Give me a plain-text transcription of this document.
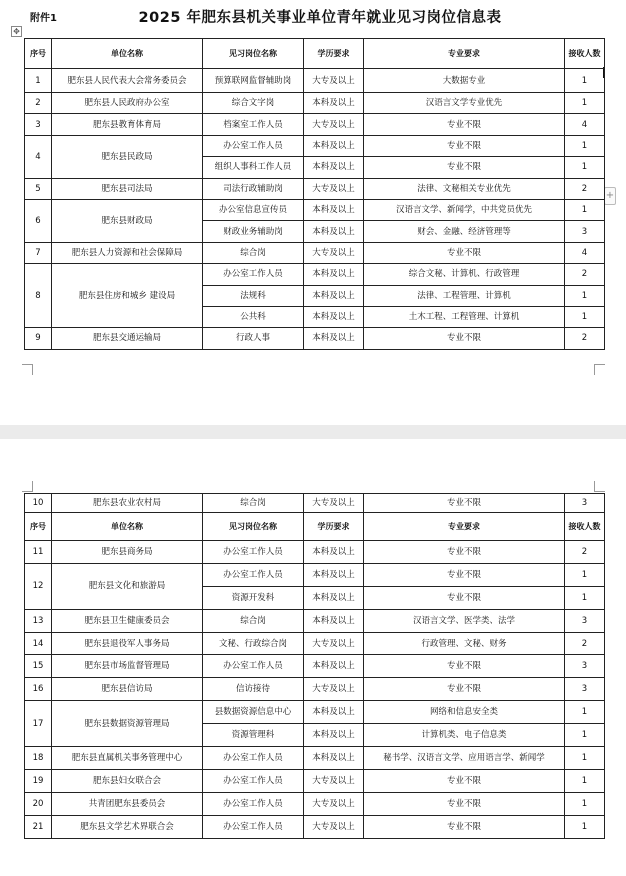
附件1	2025 年肥东县机关事业单位青年就业见习岗位信息表
✥
+
序号	单位名称	见习岗位名称	学历要求	专业要求	接收人数
1	肥东县人民代表大会常务委员会	预算联网监督辅助岗	大专及以上	大数据专业	1
2	肥东县人民政府办公室	综合文字岗	本科及以上	汉语言文学专业优先	1
3	肥东县教育体育局	档案室工作人员	大专及以上	专业不限	4
4	肥东县民政局	办公室工作人员	本科及以上	专业不限	1
		组织人事科工作人员	本科及以上	专业不限	1
5	肥东县司法局	司法行政辅助岗	大专及以上	法律、文秘相关专业优先	2
6	肥东县财政局	办公室信息宣传员	本科及以上	汉语言文学、新闻学，中共党员优先	1
		财政业务辅助岗	本科及以上	财会、金融、经济管理等	3
7	肥东县人力资源和社会保障局	综合岗	大专及以上	专业不限	4
8	肥东县住房和城乡 建设局	办公室工作人员	本科及以上	综合文秘、计算机、行政管理	2
		法规科	本科及以上	法律、工程管理、计算机	1
		公共科	本科及以上	土木工程、工程管理、计算机	1
9	肥东县交通运输局	行政人事	本科及以上	专业不限	2
10	肥东县农业农村局	综合岗	大专及以上	专业不限	3
序号	单位名称	见习岗位名称	学历要求	专业要求	接收人数
11	肥东县商务局	办公室工作人员	本科及以上	专业不限	2
12	肥东县文化和旅游局	办公室工作人员	本科及以上	专业不限	1
		资源开发科	本科及以上	专业不限	1
13	肥东县卫生健康委员会	综合岗	本科及以上	汉语言文学、医学类、法学	3
14	肥东县退役军人事务局	文秘、行政综合岗	大专及以上	行政管理、文秘、财务	2
15	肥东县市场监督管理局	办公室工作人员	本科及以上	专业不限	3
16	肥东县信访局	信访接待	大专及以上	专业不限	3
17	肥东县数据资源管理局	县数据资源信息中心	本科及以上	网络和信息安全类	1
		资源管理科	本科及以上	计算机类、电子信息类	1
18	肥东县直属机关事务管理中心	办公室工作人员	本科及以上	秘书学、汉语言文学、应用语言学、新闻学	1
19	肥东县妇女联合会	办公室工作人员	大专及以上	专业不限	1
20	共青团肥东县委员会	办公室工作人员	大专及以上	专业不限	1
21	肥东县文学艺术界联合会	办公室工作人员	大专及以上	专业不限	1
